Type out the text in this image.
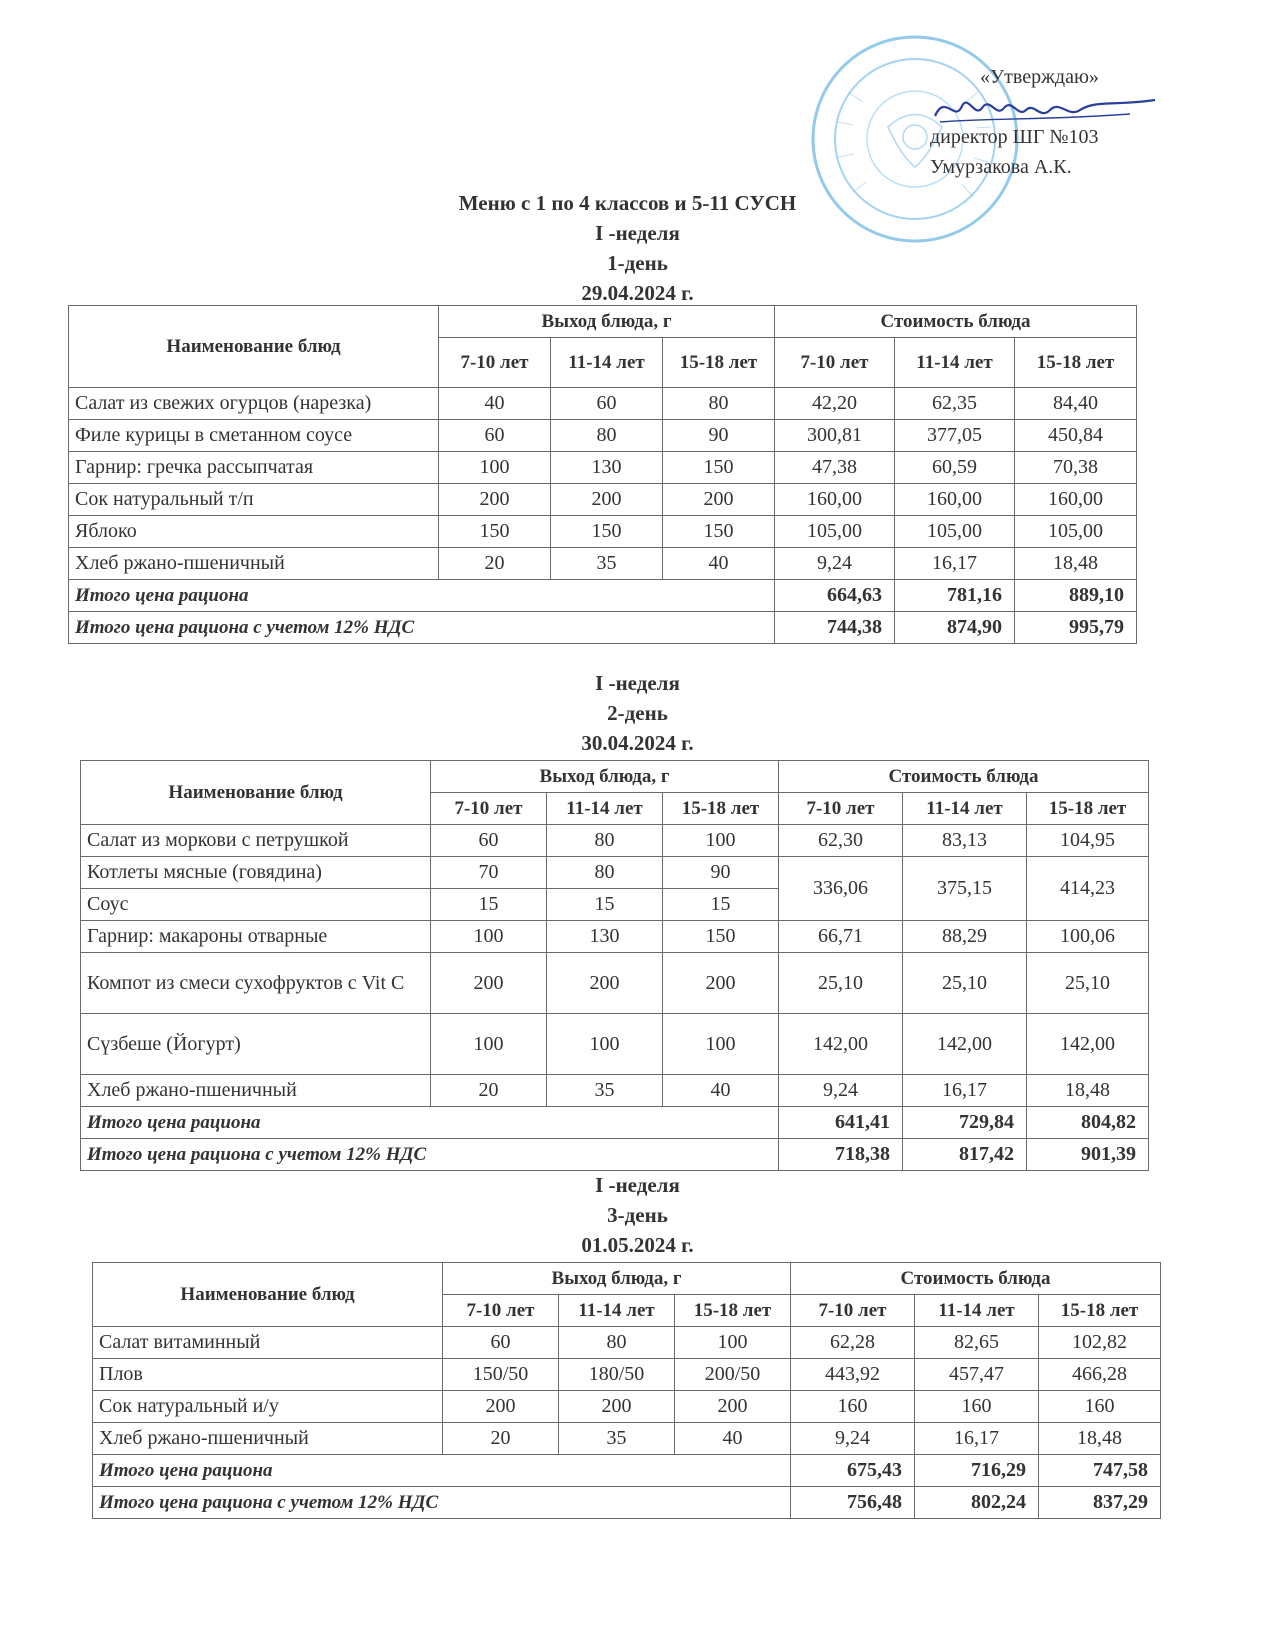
«Утверждаю»
директор ШГ №103
Умурзакова А.К.
Меню с 1 по 4 классов и 5-11 СУСН
I -неделя
1-день
29.04.2024 г.
Наименование блюд	Выход блюда, г			Стоимость блюда		
	7-10 лет	11-14 лет	15-18 лет	7-10 лет	11-14 лет	15-18 лет
Салат из свежих огурцов (нарезка)	40	60	80	42,20	62,35	84,40
Филе курицы в сметанном соусе	60	80	90	300,81	377,05	450,84
Гарнир: гречка рассыпчатая	100	130	150	47,38	60,59	70,38
Сок натуральный т/п	200	200	200	160,00	160,00	160,00
Яблоко	150	150	150	105,00	105,00	105,00
Хлеб ржано-пшеничный	20	35	40	9,24	16,17	18,48
Итого цена рациона				664,63	781,16	889,10
Итого цена рациона с учетом 12% НДС				744,38	874,90	995,79
I -неделя
2-день
30.04.2024 г.
Наименование блюд	Выход блюда, г			Стоимость блюда		
	7-10 лет	11-14 лет	15-18 лет	7-10 лет	11-14 лет	15-18 лет
Салат из моркови с петрушкой	60	80	100	62,30	83,13	104,95
Котлеты мясные (говядина)	70	80	90	336,06	375,15	414,23
Соус	15	15	15			
Гарнир: макароны отварные	100	130	150	66,71	88,29	100,06
Компот из смеси сухофруктов с Vit C	200	200	200	25,10	25,10	25,10
Сүзбеше (Йогурт)	100	100	100	142,00	142,00	142,00
Хлеб ржано-пшеничный	20	35	40	9,24	16,17	18,48
Итого цена рациона				641,41	729,84	804,82
Итого цена рациона с учетом 12% НДС				718,38	817,42	901,39
I -неделя
3-день
01.05.2024 г.
Наименование блюд	Выход блюда, г			Стоимость блюда		
	7-10 лет	11-14 лет	15-18 лет	7-10 лет	11-14 лет	15-18 лет
Салат витаминный	60	80	100	62,28	82,65	102,82
Плов	150/50	180/50	200/50	443,92	457,47	466,28
Сок натуральный и/у	200	200	200	160	160	160
Хлеб ржано-пшеничный	20	35	40	9,24	16,17	18,48
Итого цена рациона				675,43	716,29	747,58
Итого цена рациона с учетом 12% НДС				756,48	802,24	837,29
